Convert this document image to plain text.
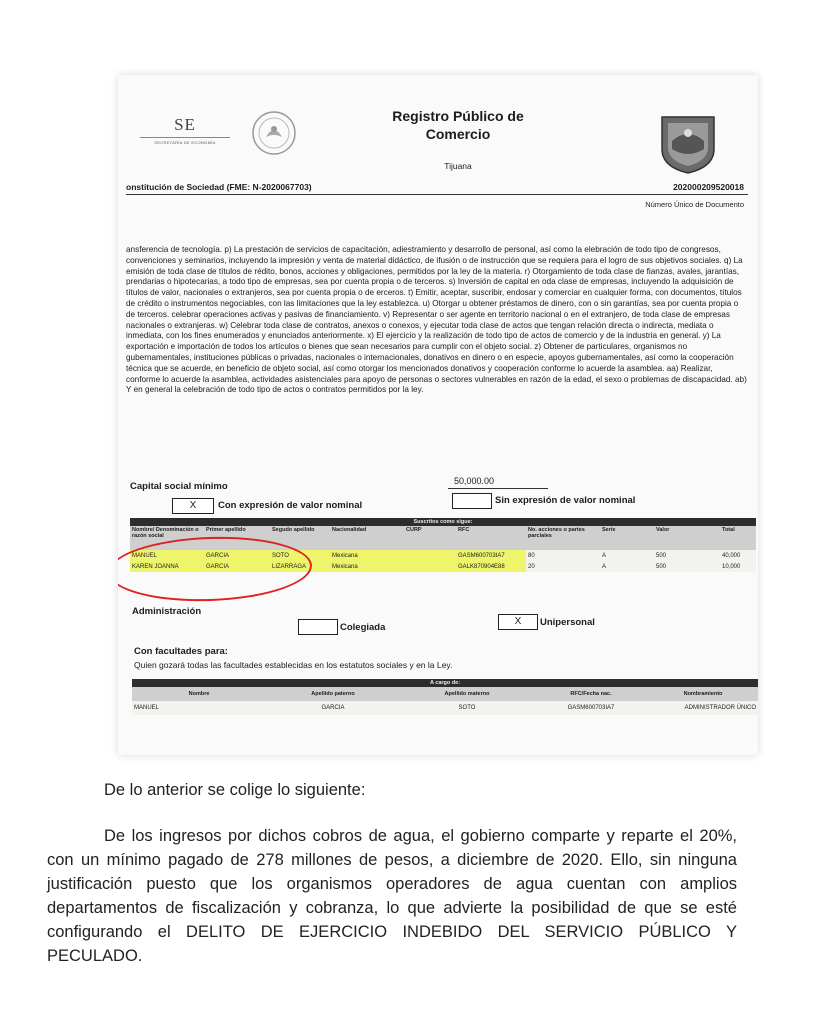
SE
SECRETARÍA DE ECONOMÍA
Registro Público de
Comercio
Tijuana
onstitución de Sociedad (FME: N-2020067703)	202000209520018
Número Único de Documento
ansferencia de tecnología. p) La prestación de servicios de capacitación, adiestramiento y desarrollo de personal, así como la elebración de todo tipo de congresos, convenciones y seminarios, incluyendo la impresión y venta de material didáctico, de ifusión o de instrucción que se requiera para el logro de sus objetivos sociales. q) La emisión de toda clase de títulos de rédito, bonos, acciones y obligaciones, permitidos por la ley de la materia. r) Otorgamiento de toda clase de fianzas, avales, jarantías, prendarias o hipotecarias, a todo tipo de empresas, sea por cuenta propia o de terceros. s) Inversión de capital en oda clase de empresas, incluyendo la adquisición de títulos de valor, nacionales o extranjeros, sea por cuenta propia o de erceros. t) Emitir, aceptar, suscribir, endosar y comerciar en cualquier forma, con documentos, títulos de crédito o instrumentos negociables, con las limitaciones que la ley establezca. u) Otorgar u obtener préstamos de dinero, con o sin garantías, sea por cuenta propia o de terceros. celebrar operaciones activas y pasivas de financiamiento. v) Representar o ser agente en territorio nacional o en el extranjero, de toda clase de empresas nacionales o extranjeras. w) Celebrar toda clase de contratos, anexos o conexos, y ejecutar toda clase de actos que tengan relación directa o indirecta, mediata o inmediata, con los fines enumerados y enunciados anteriormente. x) El ejercicio y la realización de todo tipo de actos de comercio y de la industria en general. y) La exportación e importación de todos los artículos o bienes que sean necesarios para cumplir con el objeto social. z) Obtener de particulares, organismos no gubernamentales, instituciones públicas o privadas, nacionales o internacionales, donativos en dinero o en especie, apoyos gubernamentales, así como la cooperación técnica que se acuerde, en beneficio de objeto social, así como otorgar los mencionados donativos y cooperación conforme lo acuerde la asamblea. aa) Realizar, conforme lo acuerde la asamblea, actividades asistenciales para apoyo de personas o sectores vulnerables en razón de la edad, el sexo o problemas de discapacidad. ab) Y en general la celebración de todo tipo de actos o contratos permitidos por la ley.
Capital social mínimo	50,000.00
X	Con expresión de valor nominal	Sin expresión de valor nominal
Suscritos como sigue:									
Nombre/ Denominación o razón social	Primer apellido	Segudo apellido	Nacionalidad	CURP	RFC	No. acciones o partes parciales	Serie	Valor	Total
MANUEL	GARCIA	SOTO	Mexicana		GASM600703IA7	80	A	500	40,000
KAREN JOANNA	GARCIA	LIZARRAGA	Mexicana		GALK870904E88	20	A	500	10,000
Administración
Colegiada
X	Unipersonal
Con facultades para:
Quien gozará todas las facultades establecidas en los estatutos sociales y en la Ley.
A cargo de:				
Nombre	Apellido paterno	Apellido materno	RFC/Fecha nac.	Nombramiento
MANUEL	GARCIA	SOTO	GASM600703IA7	ADMINISTRADOR ÚNICO
De lo anterior se colige lo siguiente:
De los ingresos por dichos cobros de agua, el gobierno comparte y reparte el 20%, con un mínimo pagado de 278 millones de pesos, a diciembre de 2020. Ello, sin ninguna justificación puesto que los organismos operadores de agua cuentan con amplios departamentos de fiscalización y cobranza, lo que advierte la posibilidad de que se esté configurando el DELITO DE EJERCICIO INDEBIDO DEL SERVICIO PÚBLICO Y PECULADO.
